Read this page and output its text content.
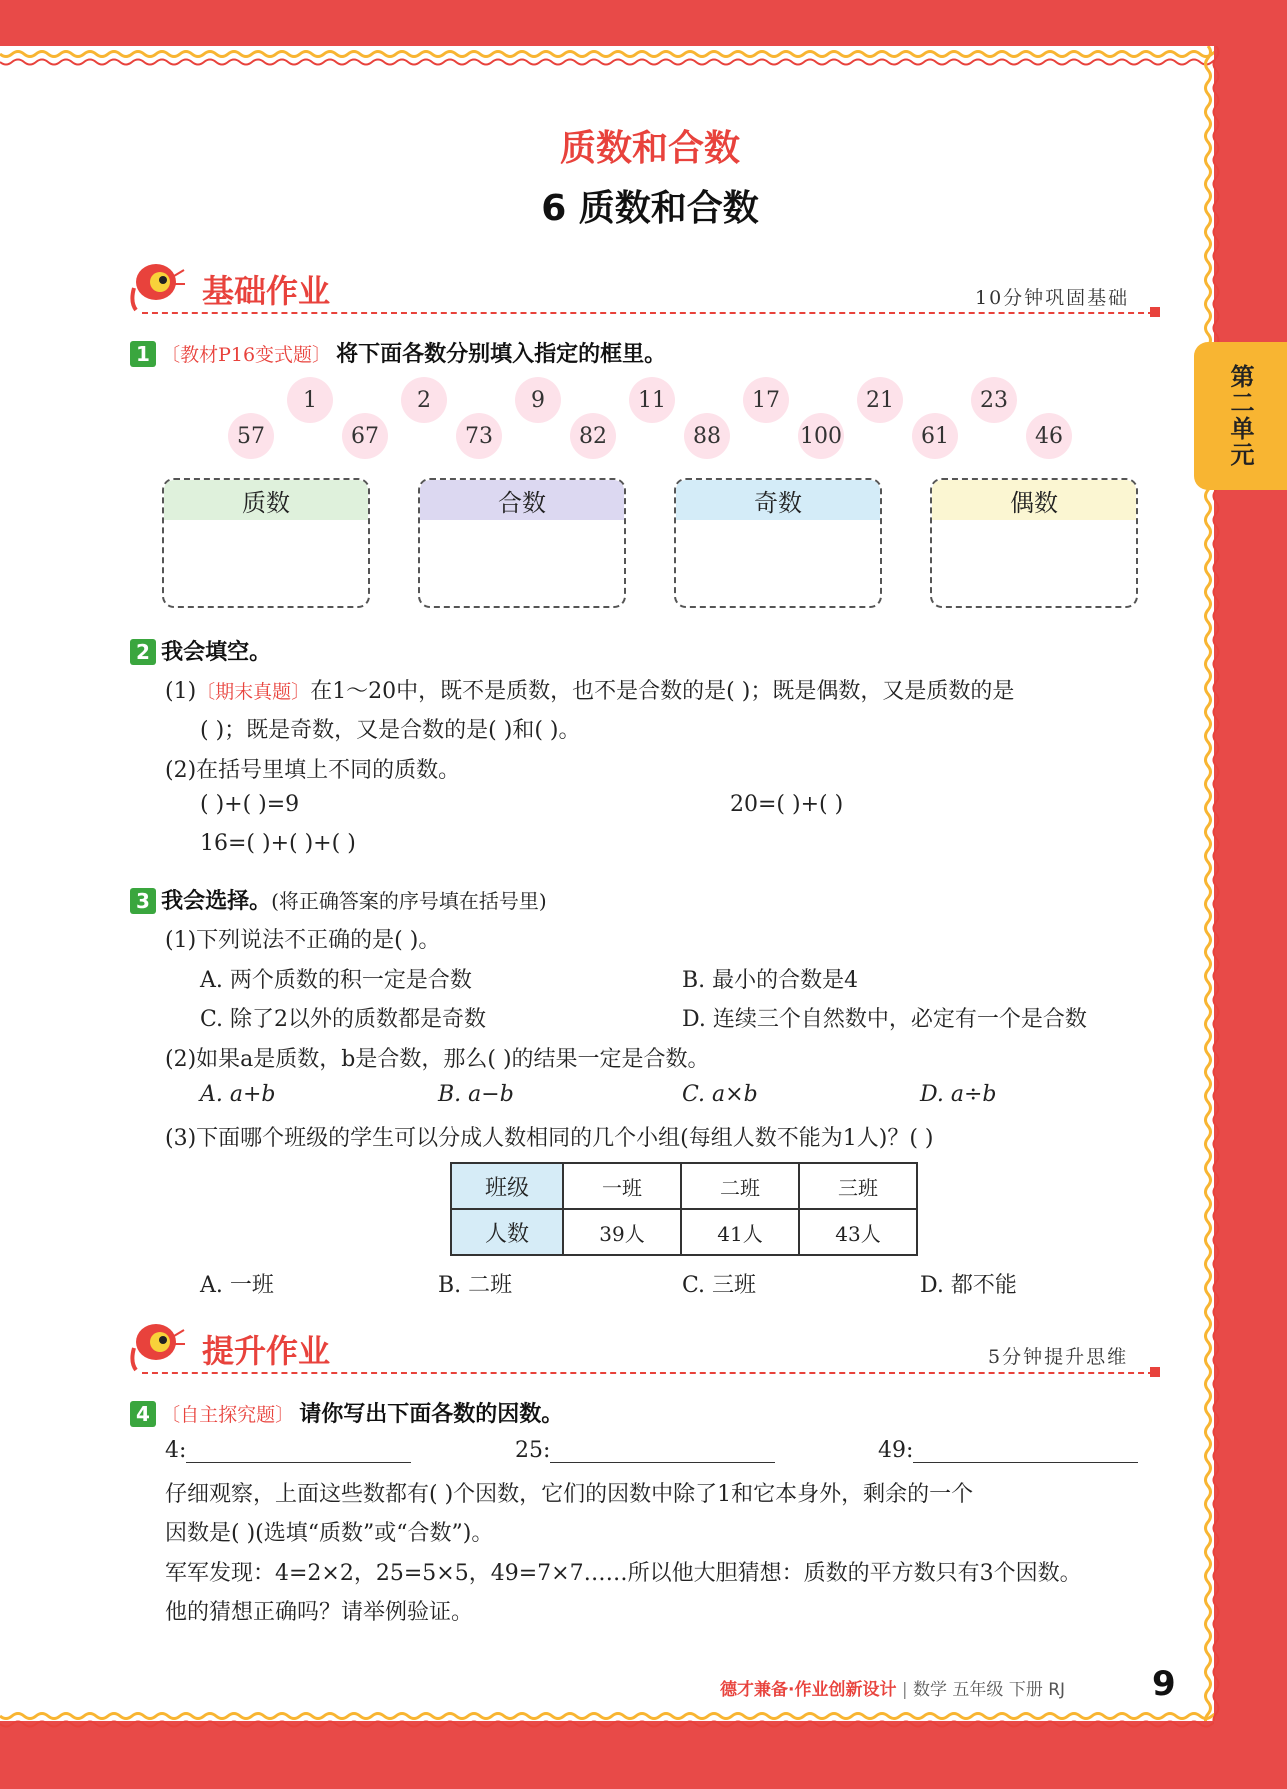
第二单元
质数和合数
6 质数和合数
基础作业	10分钟巩固基础
1 〔教材P16变式题〕 将下面各数分别填入指定的框里。
1	2	9	11	17	21	23
57	67	73	82	88	100	61	46
质数	合数	奇数	偶数
2 我会填空。
(1)〔期末真题〕在1～20中，既不是质数，也不是合数的是( )；既是偶数，又是质数的是
( )；既是奇数，又是合数的是( )和( )。
(2)在括号里填上不同的质数。
( )+( )=9	20=( )+( )
16=( )+( )+( )
3 我会选择。(将正确答案的序号填在括号里)
(1)下列说法不正确的是( )。
A. 两个质数的积一定是合数	B. 最小的合数是4
C. 除了2以外的质数都是奇数	D. 连续三个自然数中，必定有一个是合数
(2)如果a是质数，b是合数，那么( )的结果一定是合数。
A. a+b	B. a−b	C. a×b	D. a÷b
(3)下面哪个班级的学生可以分成人数相同的几个小组(每组人数不能为1人)？( )
班级	一班	二班	三班
人数	39人	41人	43人
A. 一班	B. 二班	C. 三班	D. 都不能
提升作业	5分钟提升思维
4 〔自主探究题〕 请你写出下面各数的因数。
4:	25:	49:
仔细观察，上面这些数都有( )个因数，它们的因数中除了1和它本身外，剩余的一个
因数是( )(选填“质数”或“合数”)。
军军发现：4=2×2，25=5×5，49=7×7……所以他大胆猜想：质数的平方数只有3个因数。
他的猜想正确吗？请举例验证。
德才兼备·作业创新设计 | 数学 五年级 下册 RJ	9
